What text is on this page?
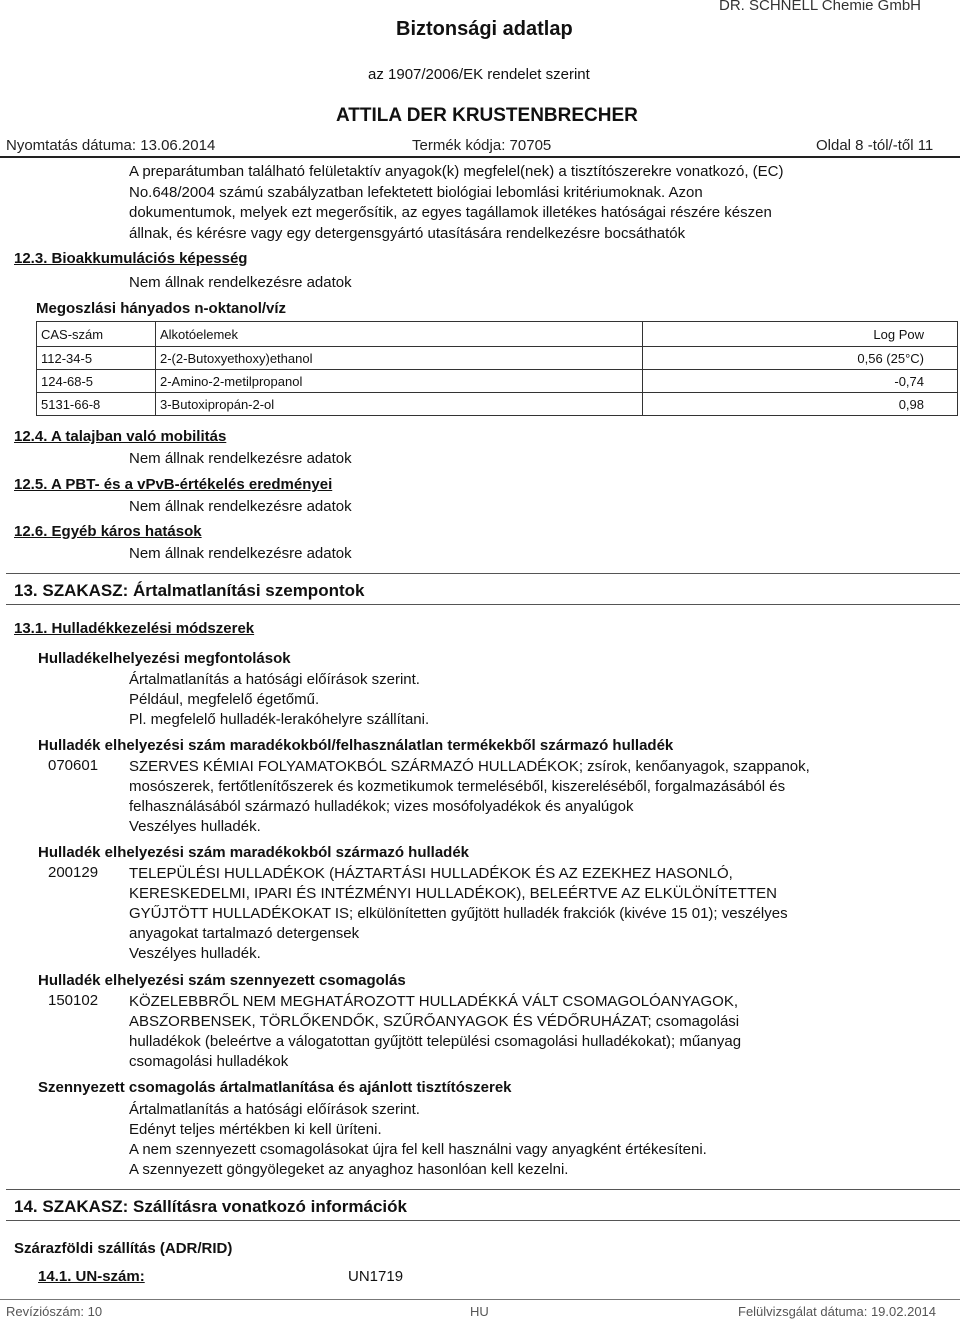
Biztonsági adatlap
DR. SCHNELL Chemie GmbH
az 1907/2006/EK rendelet szerint
ATTILA DER KRUSTENBRECHER
Nyomtatás dátuma: 13.06.2014	Termék kódja: 70705	Oldal 8 -tól/-től 11
A preparátumban található felületaktív anyagok(k) megfelel(nek) a tisztítószerekre vonatkozó, (EC)
No.648/2004 számú szabályzatban lefektetett biológiai lebomlási kritériumoknak. Azon
dokumentumok, melyek ezt megerősítik, az egyes tagállamok illetékes hatóságai részére készen
állnak, és kérésre vagy egy detergensgyártó utasítására rendelkezésre bocsáthatók
12.3. Bioakkumulációs képesség
Nem állnak rendelkezésre adatok
Megoszlási hányados n-oktanol/víz
CAS-szám	Alkotóelemek	Log Pow
112-34-5	2-(2-Butoxyethoxy)ethanol	0,56 (25°C)
124-68-5	2-Amino-2-metilpropanol	-0,74
5131-66-8	3-Butoxipropán-2-ol	0,98
12.4. A talajban való mobilitás
Nem állnak rendelkezésre adatok
12.5. A PBT- és a vPvB-értékelés eredményei
Nem állnak rendelkezésre adatok
12.6. Egyéb káros hatások
Nem állnak rendelkezésre adatok
13. SZAKASZ: Ártalmatlanítási szempontok
13.1. Hulladékkezelési módszerek
Hulladékelhelyezési megfontolások
Ártalmatlanítás a hatósági előírások szerint.
Például, megfelelő égetőmű.
Pl. megfelelő hulladék-lerakóhelyre szállítani.
Hulladék elhelyezési szám maradékokból/felhasználatlan termékekből származó hulladék
070601 SZERVES KÉMIAI FOLYAMATOKBÓL SZÁRMAZÓ HULLADÉKOK; zsírok, kenőanyagok, szappanok,
mosószerek, fertőtlenítőszerek és kozmetikumok termeléséből, kiszereléséből, forgalmazásából és
felhasználásából származó hulladékok; vizes mosófolyadékok és anyalúgok
Veszélyes hulladék.
Hulladék elhelyezési szám maradékokból származó hulladék
200129 TELEPÜLÉSI HULLADÉKOK (HÁZTARTÁSI HULLADÉKOK ÉS AZ EZEKHEZ HASONLÓ,
KERESKEDELMI, IPARI ÉS INTÉZMÉNYI HULLADÉKOK), BELEÉRTVE AZ ELKÜLÖNÍTETTEN
GYŰJTÖTT HULLADÉKOKAT IS; elkülönítetten gyűjtött hulladék frakciók (kivéve 15 01); veszélyes
anyagokat tartalmazó detergensek
Veszélyes hulladék.
Hulladék elhelyezési szám szennyezett csomagolás
150102 KÖZELEBBRŐL NEM MEGHATÁROZOTT HULLADÉKKÁ VÁLT CSOMAGOLÓANYAGOK,
ABSZORBENSEK, TÖRLŐKENDŐK, SZŰRŐANYAGOK ÉS VÉDŐRUHÁZAT; csomagolási
hulladékok (beleértve a válogatottan gyűjtött települési csomagolási hulladékokat); műanyag
csomagolási hulladékok
Szennyezett csomagolás ártalmatlanítása és ajánlott tisztítószerek
Ártalmatlanítás a hatósági előírások szerint.
Edényt teljes mértékben ki kell üríteni.
A nem szennyezett csomagolásokat újra fel kell használni vagy anyagként értékesíteni.
A szennyezett göngyölegeket az anyaghoz hasonlóan kell kezelni.
14. SZAKASZ: Szállításra vonatkozó információk
Szárazföldi szállítás (ADR/RID)
14.1. UN-szám:	UN1719
Revíziószám: 10	HU	Felülvizsgálat dátuma: 19.02.2014
